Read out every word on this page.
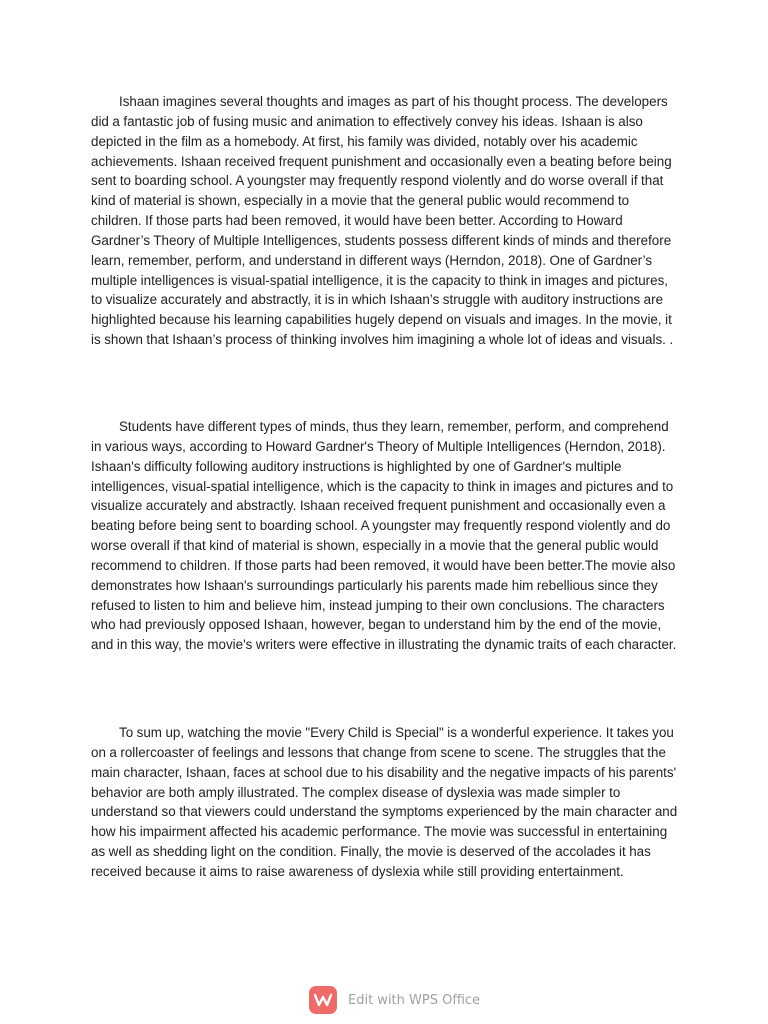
Ishaan imagines several thoughts and images as part of his thought process. The developers did a fantastic job of fusing music and animation to effectively convey his ideas. Ishaan is also depicted in the film as a homebody. At first, his family was divided, notably over his academic achievements. Ishaan received frequent punishment and occasionally even a beating before being sent to boarding school. A youngster may frequently respond violently and do worse overall if that kind of material is shown, especially in a movie that the general public would recommend to children. If those parts had been removed, it would have been better. According to Howard Gardner’s Theory of Multiple Intelligences, students possess different kinds of minds and therefore learn, remember, perform, and understand in different ways (Herndon, 2018). One of Gardner’s multiple intelligences is visual-spatial intelligence, it is the capacity to think in images and pictures, to visualize accurately and abstractly, it is in which Ishaan’s struggle with auditory instructions are highlighted because his learning capabilities hugely depend on visuals and images. In the movie, it is shown that Ishaan’s process of thinking involves him imagining a whole lot of ideas and visuals. .

Students have different types of minds, thus they learn, remember, perform, and comprehend in various ways, according to Howard Gardner's Theory of Multiple Intelligences (Herndon, 2018). Ishaan's difficulty following auditory instructions is highlighted by one of Gardner's multiple intelligences, visual-spatial intelligence, which is the capacity to think in images and pictures and to visualize accurately and abstractly. Ishaan received frequent punishment and occasionally even a beating before being sent to boarding school. A youngster may frequently respond violently and do worse overall if that kind of material is shown, especially in a movie that the general public would recommend to children. If those parts had been removed, it would have been better.The movie also demonstrates how Ishaan's surroundings particularly his parents made him rebellious since they refused to listen to him and believe him, instead jumping to their own conclusions. The characters who had previously opposed Ishaan, however, began to understand him by the end of the movie, and in this way, the movie's writers were effective in illustrating the dynamic traits of each character.

To sum up, watching the movie "Every Child is Special" is a wonderful experience. It takes you on a rollercoaster of feelings and lessons that change from scene to scene. The struggles that the main character, Ishaan, faces at school due to his disability and the negative impacts of his parents' behavior are both amply illustrated. The complex disease of dyslexia was made simpler to understand so that viewers could understand the symptoms experienced by the main character and how his impairment affected his academic performance. The movie was successful in entertaining as well as shedding light on the condition. Finally, the movie is deserved of the accolades it has received because it aims to raise awareness of dyslexia while still providing entertainment.

Edit with WPS Office
